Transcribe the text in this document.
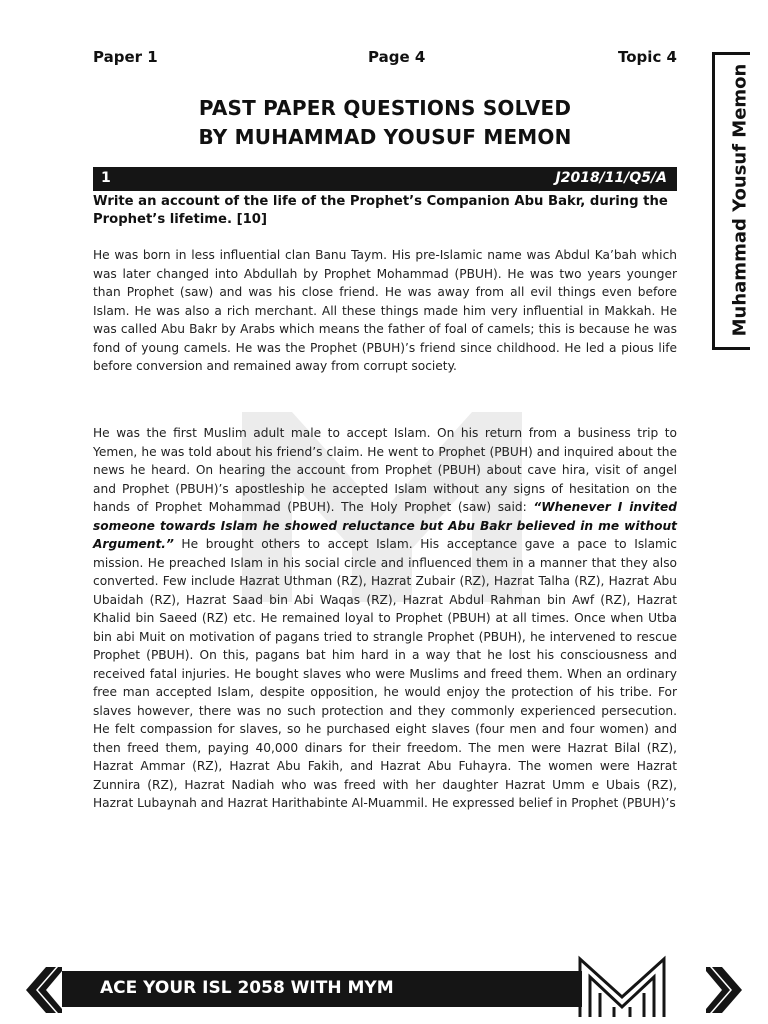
Paper 1	Page 4	Topic 4
PAST PAPER QUESTIONS SOLVED
BY MUHAMMAD YOUSUF MEMON	Muhammad Yousuf Memon
1	J2018/11/Q5/A
Write an account of the life of the Prophet’s Companion Abu Bakr, during the Prophet’s lifetime. [10]

He was born in less influential clan Banu Taym. His pre-Islamic name was Abdul Ka’bah which was later changed into Abdullah by Prophet Mohammad (PBUH). He was two years younger than Prophet (saw) and was his close friend. He was away from all evil things even before Islam. He was also a rich merchant. All these things made him very influential in Makkah. He was called Abu Bakr by Arabs which means the father of foal of camels; this is because he was fond of young camels. He was the Prophet (PBUH)’s friend since childhood. He led a pious life before conversion and remained away from corrupt society.

He was the first Muslim adult male to accept Islam. On his return from a business trip to Yemen, he was told about his friend’s claim. He went to Prophet (PBUH) and inquired about the news he heard. On hearing the account from Prophet (PBUH) about cave hira, visit of angel and Prophet (PBUH)’s apostleship he accepted Islam without any signs of hesitation on the hands of Prophet Mohammad (PBUH). The Holy Prophet (saw) said: “Whenever I invited someone towards Islam he showed reluctance but Abu Bakr believed in me without Argument.” He brought others to accept Islam. His acceptance gave a pace to Islamic mission. He preached Islam in his social circle and influenced them in a manner that they also converted. Few include Hazrat Uthman (RZ), Hazrat Zubair (RZ), Hazrat Talha (RZ), Hazrat Abu Ubaidah (RZ), Hazrat Saad bin Abi Waqas (RZ), Hazrat Abdul Rahman bin Awf (RZ), Hazrat Khalid bin Saeed (RZ) etc. He remained loyal to Prophet (PBUH) at all times. Once when Utba bin abi Muit on motivation of pagans tried to strangle Prophet (PBUH), he intervened to rescue Prophet (PBUH). On this, pagans bat him hard in a way that he lost his consciousness and received fatal injuries. He bought slaves who were Muslims and freed them. When an ordinary free man accepted Islam, despite opposition, he would enjoy the protection of his tribe. For slaves however, there was no such protection and they commonly experienced persecution. He felt compassion for slaves, so he purchased eight slaves (four men and four women) and then freed them, paying 40,000 dinars for their freedom. The men were Hazrat Bilal (RZ), Hazrat Ammar (RZ), Hazrat Abu Fakih, and Hazrat Abu Fuhayra. The women were Hazrat Zunnira (RZ), Hazrat Nadiah who was freed with her daughter Hazrat Umm e Ubais (RZ), Hazrat Lubaynah and Hazrat Harithabinte Al-Muammil. He expressed belief in Prophet (PBUH)’s

ACE YOUR ISL 2058 WITH MYM
